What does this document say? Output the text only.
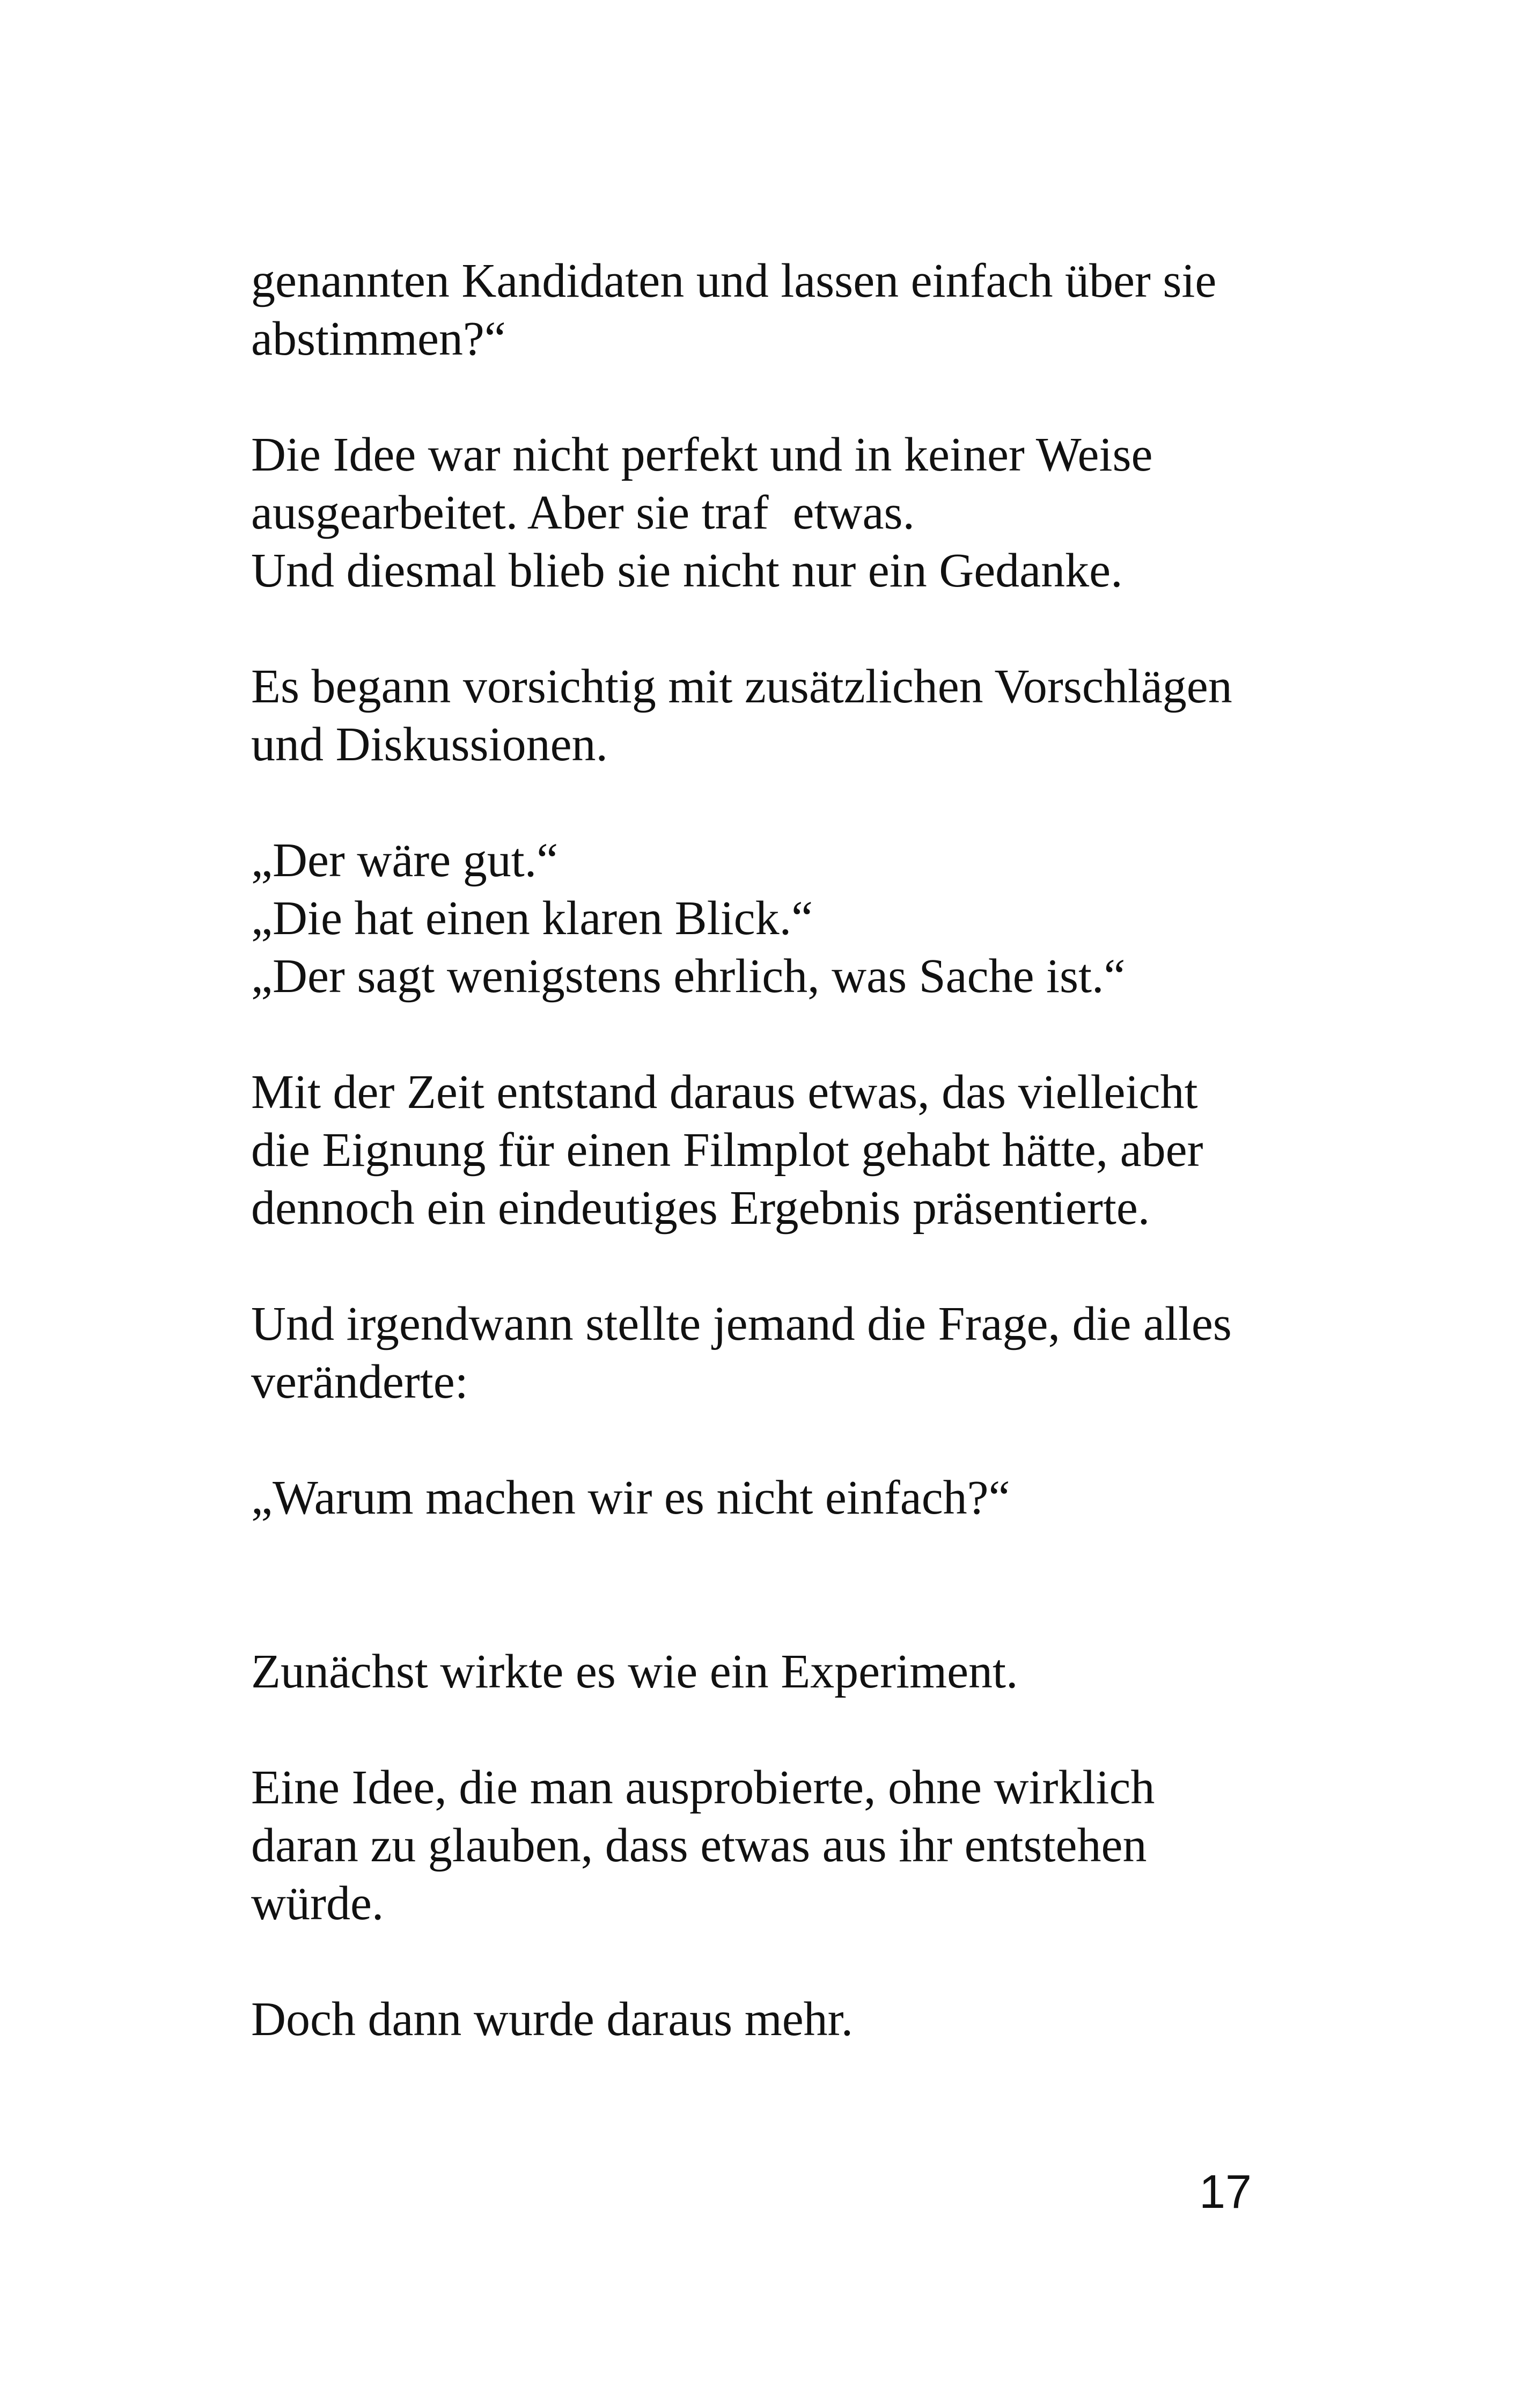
genannten Kandidaten und lassen einfach über sie
abstimmen?“
Die Idee war nicht perfekt und in keiner Weise
ausgearbeitet. Aber sie traf  etwas.
Und diesmal blieb sie nicht nur ein Gedanke.
Es begann vorsichtig mit zusätzlichen Vorschlägen
und Diskussionen.
„Der wäre gut.“
„Die hat einen klaren Blick.“
„Der sagt wenigstens ehrlich, was Sache ist.“
Mit der Zeit entstand daraus etwas, das vielleicht
die Eignung für einen Filmplot gehabt hätte, aber
dennoch ein eindeutiges Ergebnis präsentierte.
Und irgendwann stellte jemand die Frage, die alles
veränderte:
„Warum machen wir es nicht einfach?“
Zunächst wirkte es wie ein Experiment.
Eine Idee, die man ausprobierte, ohne wirklich
daran zu glauben, dass etwas aus ihr entstehen
würde.
Doch dann wurde daraus mehr.
17
